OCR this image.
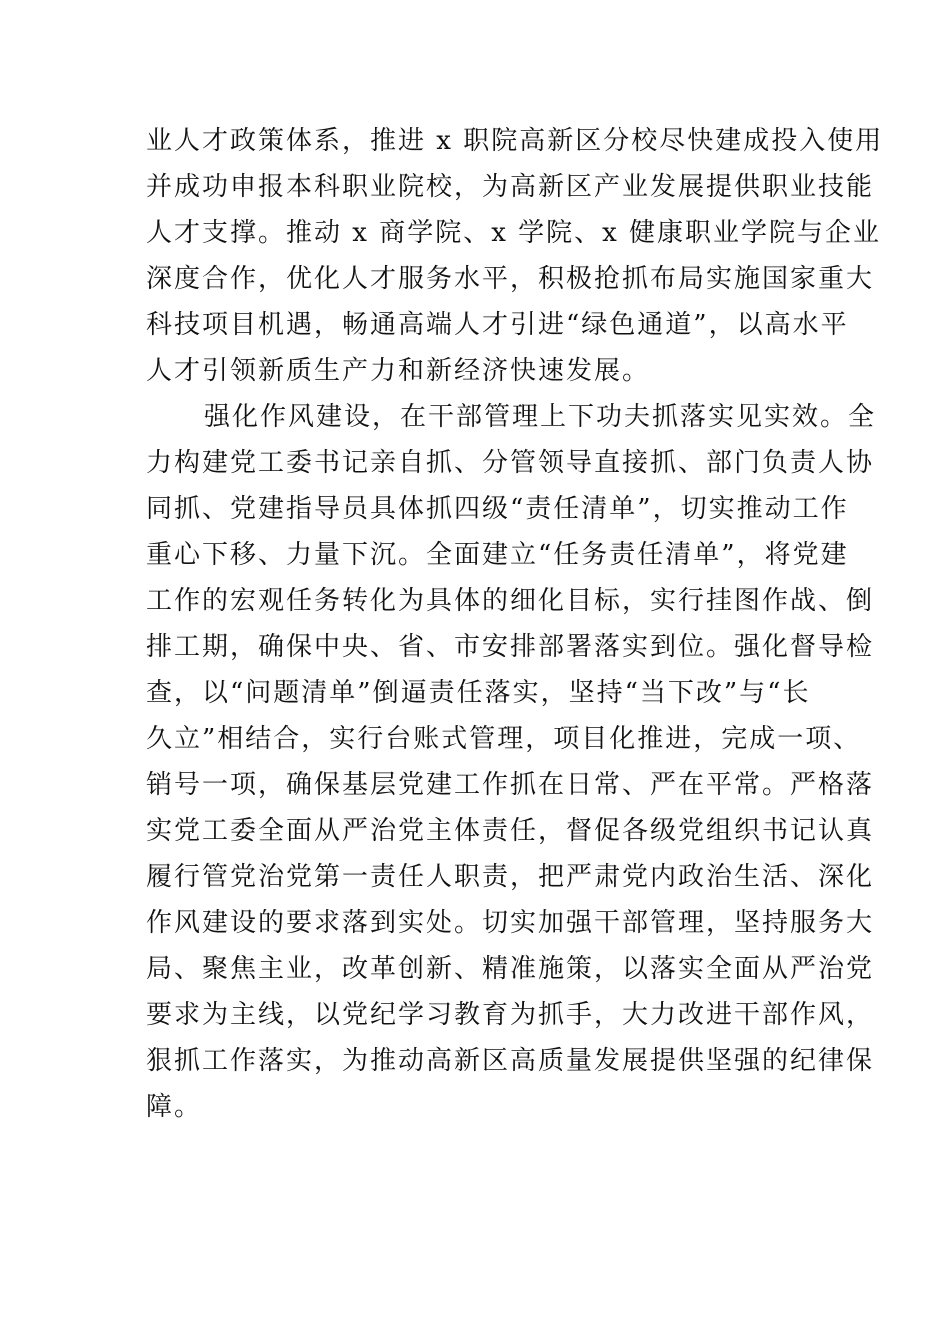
业人才政策体系，推进 x 职院高新区分校尽快建成投入使用
并成功申报本科职业院校，为高新区产业发展提供职业技能
人才支撑。推动 x 商学院、x 学院、x 健康职业学院与企业
深度合作，优化人才服务水平，积极抢抓布局实施国家重大
科技项目机遇，畅通高端人才引进“绿色通道”，以高水平
人才引领新质生产力和新经济快速发展。

强化作风建设，在干部管理上下功夫抓落实见实效。全
力构建党工委书记亲自抓、分管领导直接抓、部门负责人协
同抓、党建指导员具体抓四级“责任清单”，切实推动工作
重心下移、力量下沉。全面建立“任务责任清单”，将党建
工作的宏观任务转化为具体的细化目标，实行挂图作战、倒
排工期，确保中央、省、市安排部署落实到位。强化督导检
查，以“问题清单”倒逼责任落实，坚持“当下改”与“长
久立”相结合，实行台账式管理，项目化推进，完成一项、
销号一项，确保基层党建工作抓在日常、严在平常。严格落
实党工委全面从严治党主体责任，督促各级党组织书记认真
履行管党治党第一责任人职责，把严肃党内政治生活、深化
作风建设的要求落到实处。切实加强干部管理，坚持服务大
局、聚焦主业，改革创新、精准施策，以落实全面从严治党
要求为主线，以党纪学习教育为抓手，大力改进干部作风，
狠抓工作落实，为推动高新区高质量发展提供坚强的纪律保
障。
